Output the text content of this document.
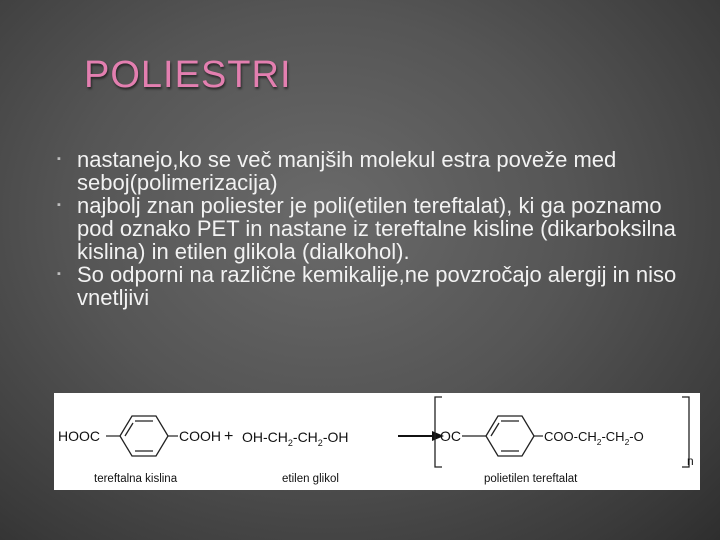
POLIESTRI
▪ nastanejo,ko se več manjših molekul estra poveže med seboj(polimerizacija)
▪ najbolj znan poliester je poli(etilen tereftalat), ki ga poznamo pod oznako PET in nastane iz tereftalne kisline (dikarboksilna kislina) in etilen glikola (dialkohol).
▪ So odporni na različne kemikalije,ne povzročajo alergij in niso vnetljivi
HOOC	COOH + $OH-CH_2-CH_2-OH$	OC	COO-$CH_2-CH_2-O$
n
tereftalna kislina	etilen glikol	polietilen tereftalat
